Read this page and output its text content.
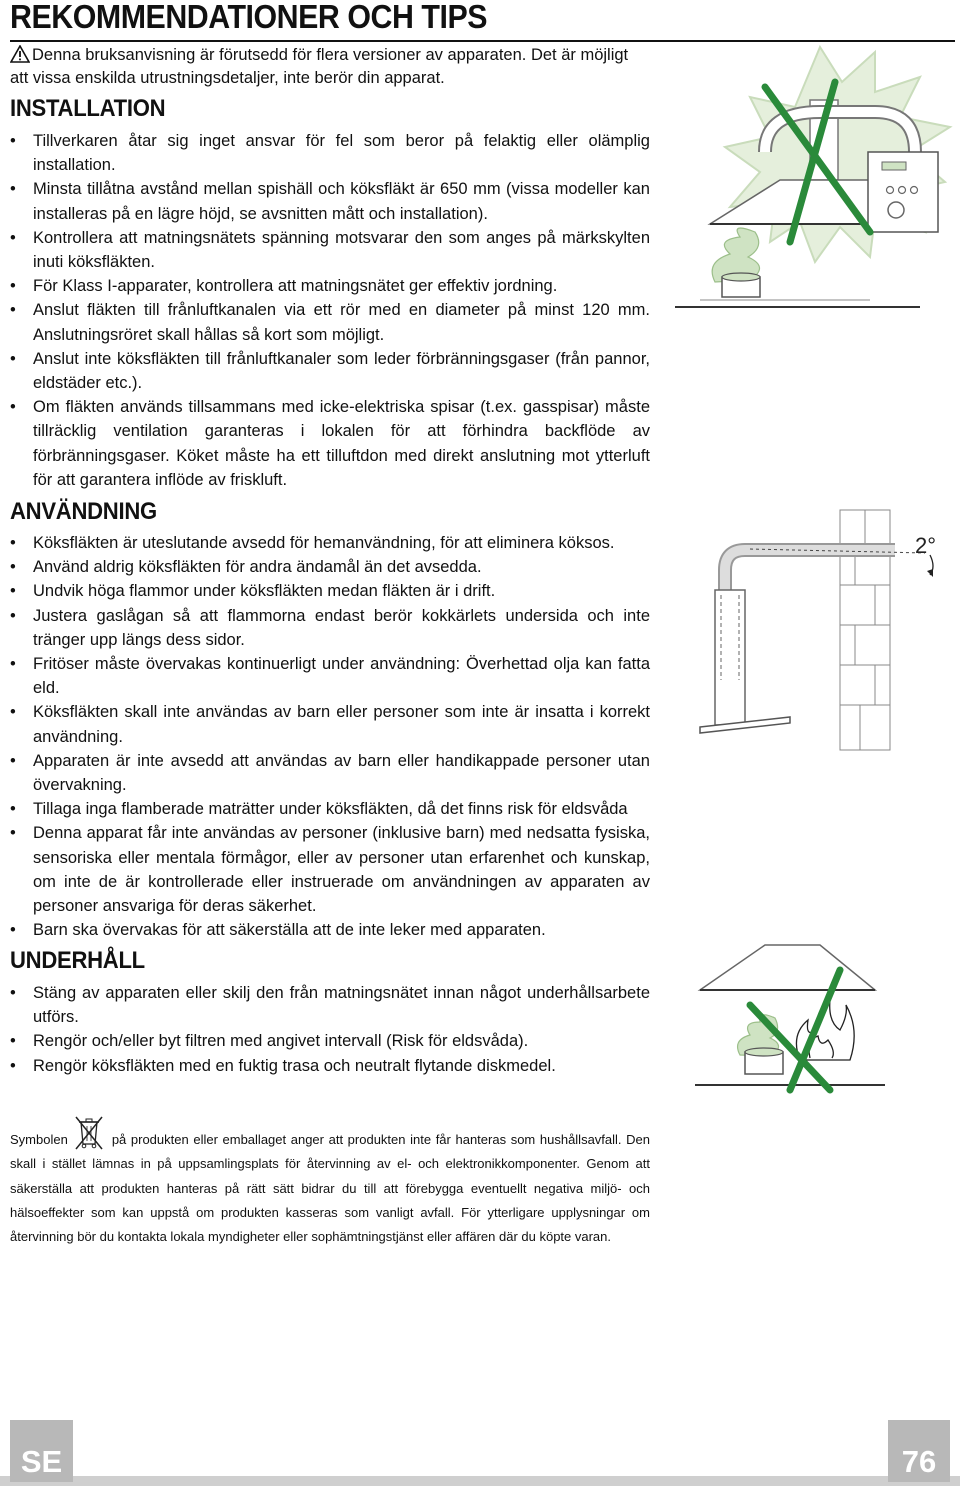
REKOMMENDATIONER OCH TIPS
Denna bruksanvisning är förutsedd för flera versioner av apparaten. Det är möjligt att vissa enskilda utrustningsdetaljer, inte berör din apparat.
INSTALLATION
• Tillverkaren åtar sig inget ansvar för fel som beror på felaktig eller olämplig installation.
• Minsta tillåtna avstånd mellan spishäll och köksfläkt är 650 mm (vissa modeller kan installeras på en lägre höjd, se avsnitten mått och installation).
• Kontrollera att matningsnätets spänning motsvarar den som anges på märkskylten inuti köksfläkten.
• För Klass I-apparater, kontrollera att matningsnätet ger effektiv jordning.
• Anslut fläkten till frånluftkanalen via ett rör med en diameter på minst 120 mm. Anslutningsröret skall hållas så kort som möjligt.
• Anslut inte köksfläkten till frånluftkanaler som leder förbränningsgaser (från pannor, eldstäder etc.).
• Om fläkten används tillsammans med icke-elektriska spisar (t.ex. gasspisar) måste tillräcklig ventilation garanteras i lokalen för att förhindra backflöde av förbränningsgaser. Köket måste ha ett tilluftdon med direkt anslutning mot ytterluft för att garantera inflöde av friskluft.
ANVÄNDNING
• Köksfläkten är uteslutande avsedd för hemanvändning, för att eliminera köksos.
• Använd aldrig köksfläkten för andra ändamål än det avsedda.
• Undvik höga flammor under köksfläkten medan fläkten är i drift.
• Justera gaslågan så att flammorna endast berör kokkärlets undersida och inte tränger upp längs dess sidor.
• Fritöser måste övervakas kontinuerligt under användning: Överhettad olja kan fatta eld.
• Köksfläkten skall inte användas av barn eller personer som inte är insatta i korrekt användning.
• Apparaten är inte avsedd att användas av barn eller handikappade personer utan övervakning.
• Tillaga inga flamberade maträtter under köksfläkten, då det finns risk för eldsvåda
• Denna apparat får inte användas av personer (inklusive barn) med nedsatta fysiska, sensoriska eller mentala förmågor, eller av personer utan erfarenhet och kunskap, om inte de är kontrollerade eller instruerade om användningen av apparaten av personer ansvariga för deras säkerhet.
• Barn ska övervakas för att säkerställa att de inte leker med apparaten.
UNDERHÅLL
• Stäng av apparaten eller skilj den från matningsnätet innan något underhållsarbete utförs.
• Rengör och/eller byt filtren med angivet intervall (Risk för eldsvåda).
• Rengör köksfläkten med en fuktig trasa och neutralt flytande diskmedel.
Symbolen	på produkten eller emballaget anger att produkten inte får hanteras som hushållsavfall. Den skall i stället lämnas in på uppsamlingsplats för återvinning av el- och elektronikkomponenter. Genom att säkerställa att produkten hanteras på rätt sätt bidrar du till att förebygga eventuellt negativa miljö- och hälsoeffekter som kan uppstå om produkten kasseras som vanligt avfall. För ytterligare upplysningar om återvinning bör du kontakta lokala myndigheter eller sophämtningstjänst eller affären där du köpte varan.
2°
SE	76
